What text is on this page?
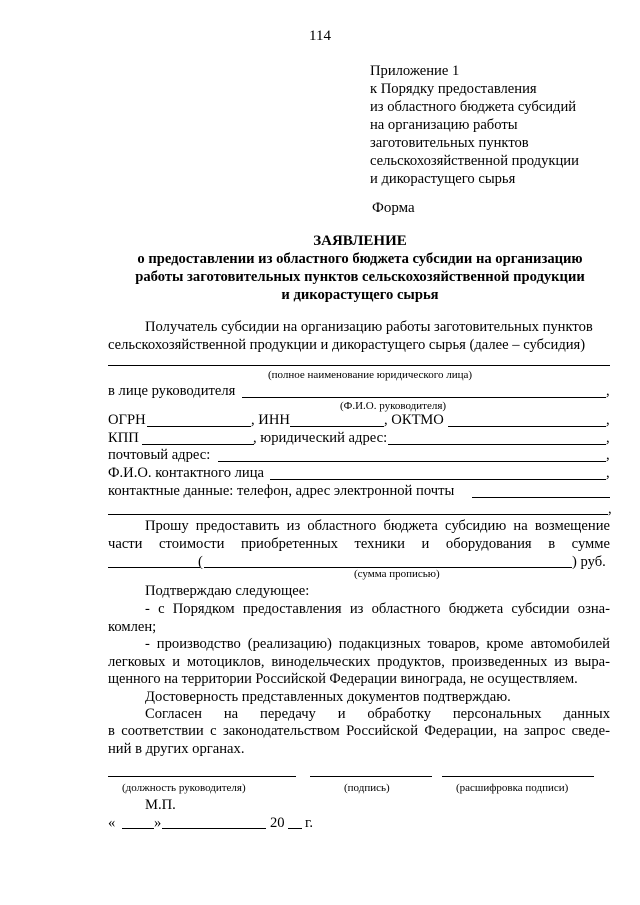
114
Приложение 1
к Порядку предоставления
из областного бюджета субсидий
на организацию работы
заготовительных пунктов
сельскохозяйственной продукции
и дикорастущего сырья
Форма
ЗАЯВЛЕНИЕ
о предоставлении из областного бюджета субсидии на организацию
работы заготовительных пунктов сельскохозяйственной продукции
и дикорастущего сырья
Получатель субсидии на организацию работы заготовительных пунктов
сельскохозяйственной продукции и дикорастущего сырья (далее – субсидия)
(полное наименование юридического лица)
в лице руководителя	,
(Ф.И.О. руководителя)
ОГРН	, ИНН	, ОКТМО	,
КПП	, юридический адрес:	,
почтовый адрес:	,
Ф.И.О. контактного лица	,
контактные данные: телефон, адрес электронной почты
,
Прошу предоставить из областного бюджета субсидию на возмещение
части стоимости приобретенных техники и оборудования в сумме
(	) руб.
(сумма прописью)
Подтверждаю следующее:
- с Порядком предоставления из областного бюджета субсидии озна-
комлен;
- производство (реализацию) подакцизных товаров, кроме автомобилей
легковых и мотоциклов, винодельческих продуктов, произведенных из выра-
щенного на территории Российской Федерации винограда, не осуществляем.
Достоверность представленных документов подтверждаю.
Согласен на передачу и обработку персональных данных
в соответствии с законодательством Российской Федерации, на запрос сведе-
ний в других органах.
(должность руководителя)	(подпись)	(расшифровка подписи)
М.П.
«	»	20	г.
